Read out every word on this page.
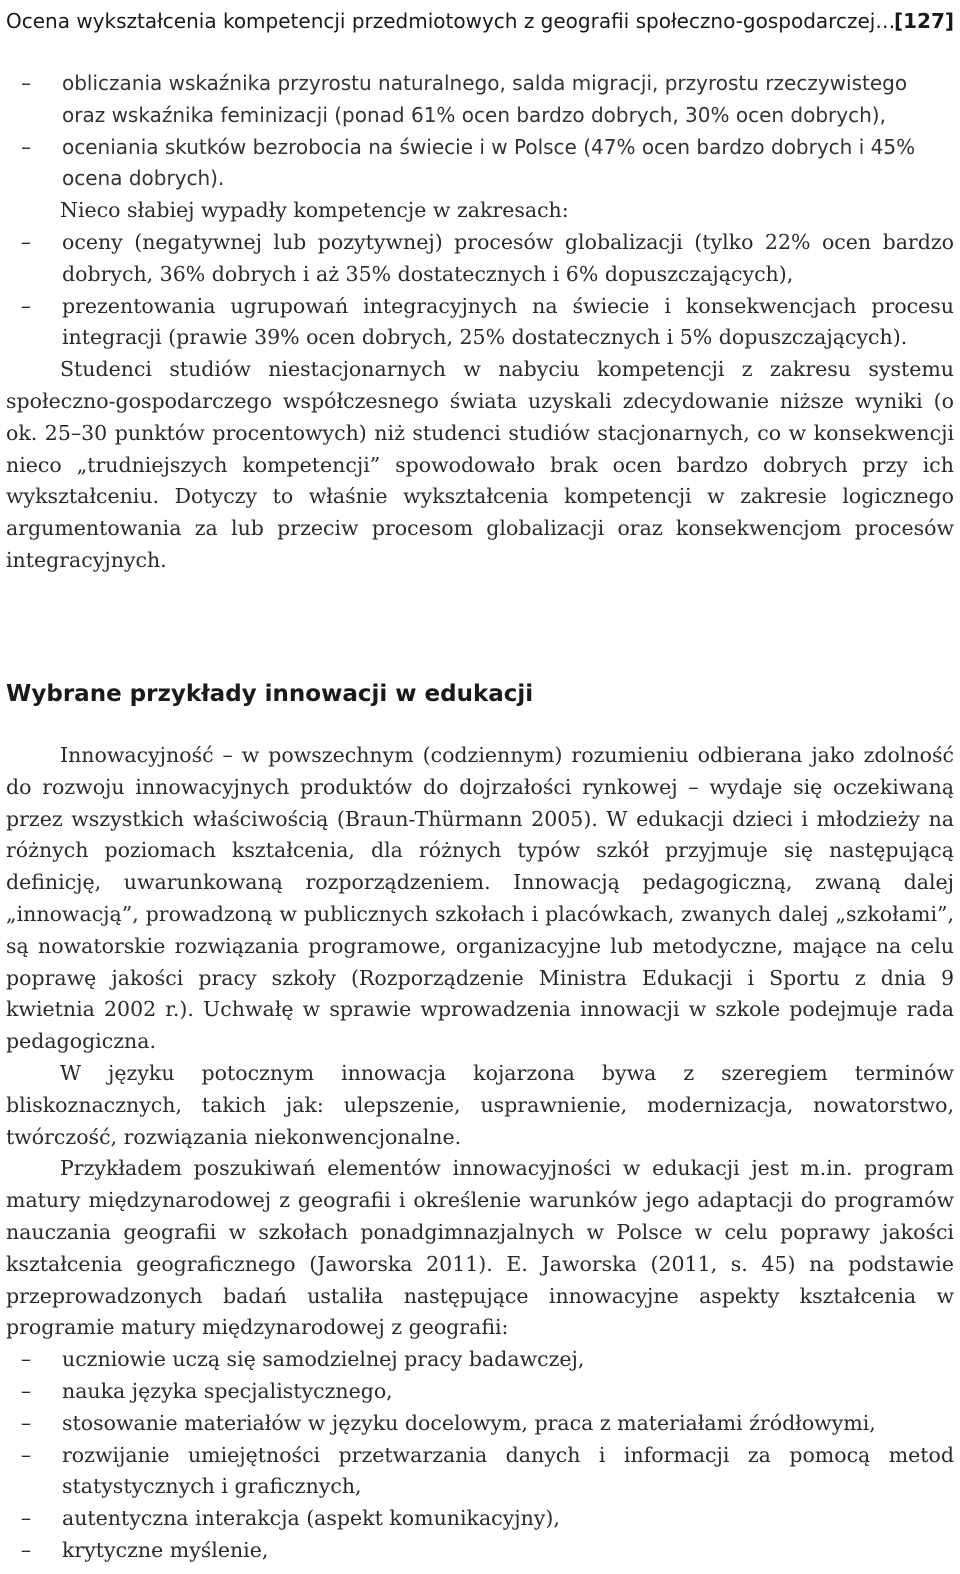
Ocena wykształcenia kompetencji przedmiotowych z geografii społeczno-gospodarczej…
[127]
–	obliczania wskaźnika przyrostu naturalnego, salda migracji, przyrostu rzeczywistego oraz wskaźnika feminizacji (ponad 61% ocen bardzo dobrych, 30% ocen dobrych),
–	oceniania skutków bezrobocia na świecie i w Polsce (47% ocen bardzo dobrych i 45% ocena dobrych).

Nieco słabiej wypadły kompetencje w zakresach:

–	oceny (negatywnej lub pozytywnej) procesów globalizacji (tylko 22% ocen bardzo dobrych, 36% dobrych i aż 35% dostatecznych i 6% dopuszczających),
–	prezentowania ugrupowań integracyjnych na świecie i konsekwencjach procesu integracji (prawie 39% ocen dobrych, 25% dostatecznych i 5% dopuszczających).

Studenci studiów niestacjonarnych w nabyciu kompetencji z zakresu systemu społeczno-gospodarczego współczesnego świata uzyskali zdecydowanie niższe wyniki (o ok. 25–30 punktów procentowych) niż studenci studiów stacjonarnych, co w konsekwencji nieco „trudniejszych kompetencji” spowodowało brak ocen bardzo dobrych przy ich wykształceniu. Dotyczy to właśnie wykształcenia kompetencji w zakresie logicznego argumentowania za lub przeciw procesom globalizacji oraz konsekwencjom procesów integracyjnych.

Wybrane przykłady innowacji w edukacji

Innowacyjność – w powszechnym (codziennym) rozumieniu odbierana jako zdolność do rozwoju innowacyjnych produktów do dojrzałości rynkowej – wydaje się oczekiwaną przez wszystkich właściwością (Braun-Thürmann 2005). W edukacji dzieci i młodzieży na różnych poziomach kształcenia, dla różnych typów szkół przyjmuje się następującą definicję, uwarunkowaną rozporządzeniem. Innowacją pedagogiczną, zwaną dalej „innowacją”, prowadzoną w publicznych szkołach i placówkach, zwanych dalej „szkołami”, są nowatorskie rozwiązania programowe, organizacyjne lub metodyczne, mające na celu poprawę jakości pracy szkoły (Rozporządzenie Ministra Edukacji i Sportu z dnia 9 kwietnia 2002 r.). Uchwałę w sprawie wprowadzenia innowacji w szkole podejmuje rada pedagogiczna.

W języku potocznym innowacja kojarzona bywa z szeregiem terminów bliskoznacznych, takich jak: ulepszenie, usprawnienie, modernizacja, nowatorstwo, twórczość, rozwiązania niekonwencjonalne.

Przykładem poszukiwań elementów innowacyjności w edukacji jest m.in. program matury międzynarodowej z geografii i określenie warunków jego adaptacji do programów nauczania geografii w szkołach ponadgimnazjalnych w Polsce w celu poprawy jakości kształcenia geograficznego (Jaworska 2011). E. Jaworska (2011, s. 45) na podstawie przeprowadzonych badań ustaliła następujące innowacyjne aspekty kształcenia w programie matury międzynarodowej z geografii:

–	uczniowie uczą się samodzielnej pracy badawczej,
–	nauka języka specjalistycznego,
–	stosowanie materiałów w języku docelowym, praca z materiałami źródłowymi,
–	rozwijanie umiejętności przetwarzania danych i informacji za pomocą metod statystycznych i graficznych,
–	autentyczna interakcja (aspekt komunikacyjny),
–	krytyczne myślenie,
